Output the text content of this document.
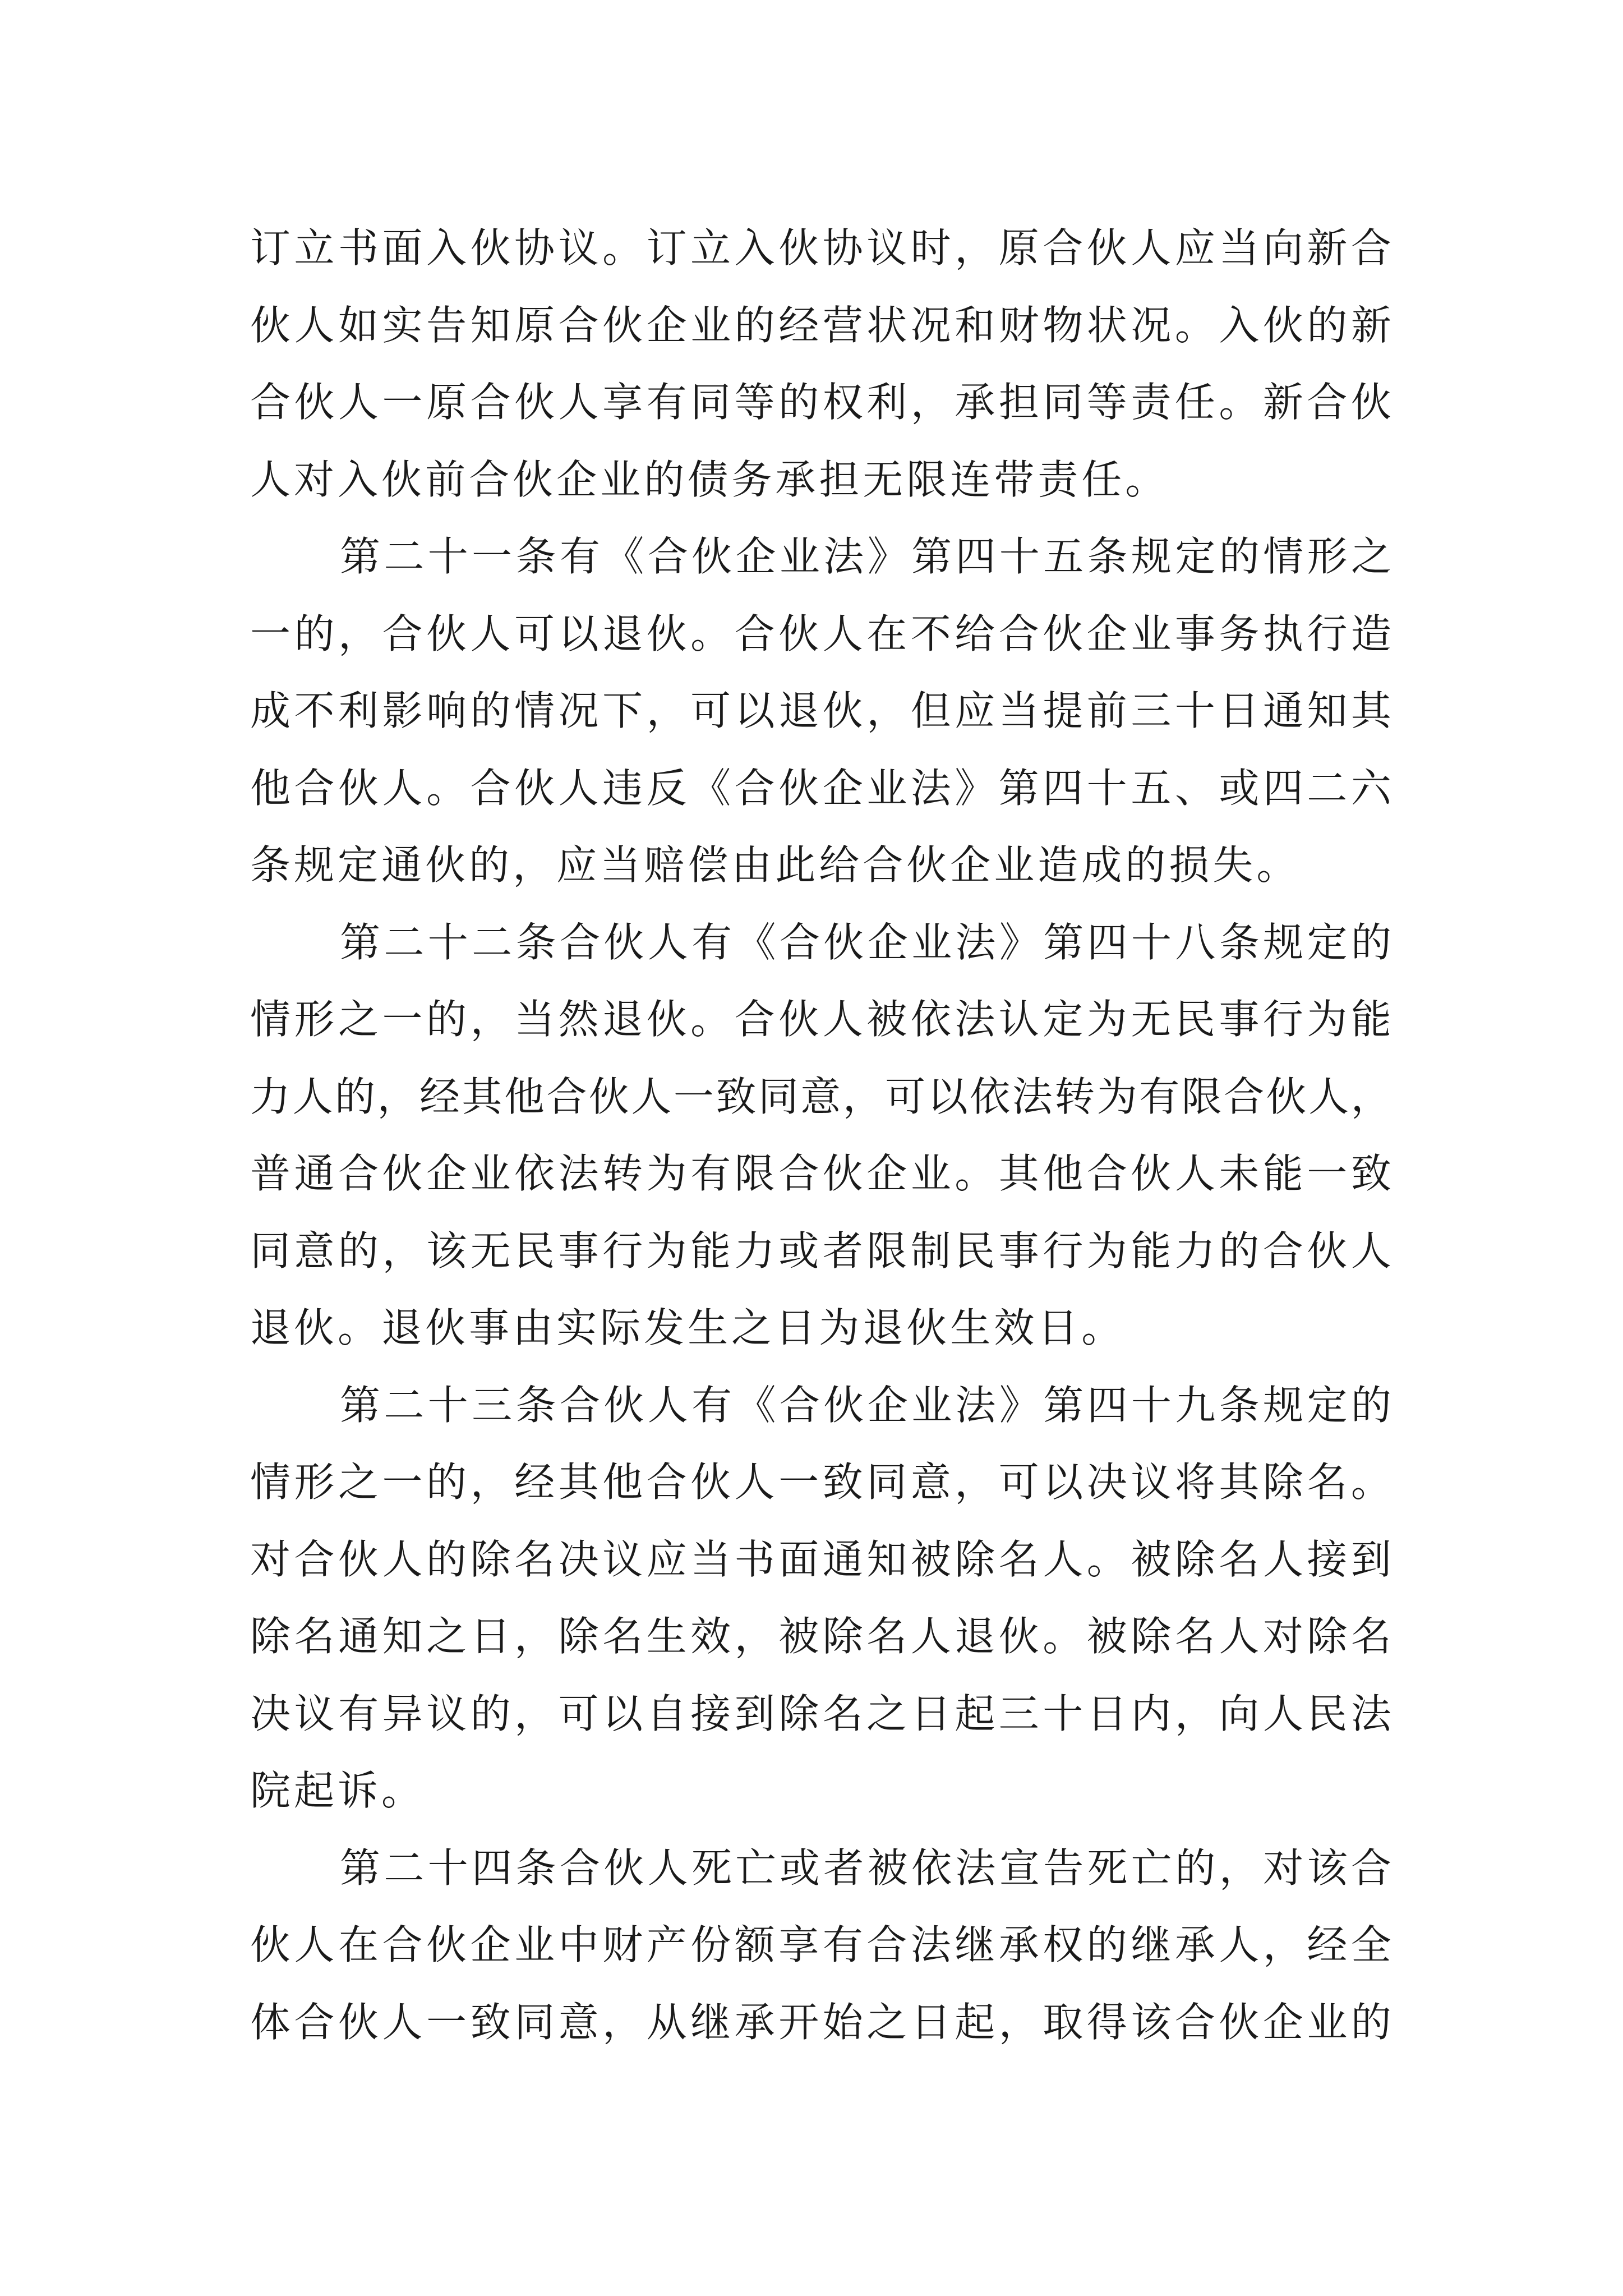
订 立 书 面 入 伙 协 议 。 订 立 入 伙 协 议 时 ， 原 合 伙 人 应 当 向 新 合
伙 人 如 实 告 知 原 合 伙 企 业 的 经 营 状 况 和 财 物 状 况 。 入 伙 的 新
合 伙 人 一 原 合 伙 人 享 有 同 等 的 权 利 ， 承 担 同 等 责 任 。 新 合 伙
人 对 入 伙 前 合 伙 企 业 的 债 务 承 担 无 限 连 带 责 任 。
第 二 十 一 条 有 《 合 伙 企 业 法 》 第 四 十 五 条 规 定 的 情 形 之
一 的 ， 合 伙 人 可 以 退 伙 。 合 伙 人 在 不 给 合 伙 企 业 事 务 执 行 造
成 不 利 影 响 的 情 况 下 ， 可 以 退 伙 ， 但 应 当 提 前 三 十 日 通 知 其
他 合 伙 人 。 合 伙 人 违 反 《 合 伙 企 业 法 》 第 四 十 五 、 或 四 二 六
条 规 定 通 伙 的 ， 应 当 赔 偿 由 此 给 合 伙 企 业 造 成 的 损 失 。
第 二 十 二 条 合 伙 人 有 《 合 伙 企 业 法 》 第 四 十 八 条 规 定 的
情 形 之 一 的 ， 当 然 退 伙 。 合 伙 人 被 依 法 认 定 为 无 民 事 行 为 能
力 人 的 ， 经 其 他 合 伙 人 一 致 同 意 ， 可 以 依 法 转 为 有 限 合 伙 人 ，
普 通 合 伙 企 业 依 法 转 为 有 限 合 伙 企 业 。 其 他 合 伙 人 未 能 一 致
同 意 的 ， 该 无 民 事 行 为 能 力 或 者 限 制 民 事 行 为 能 力 的 合 伙 人
退 伙 。 退 伙 事 由 实 际 发 生 之 日 为 退 伙 生 效 日 。
第 二 十 三 条 合 伙 人 有 《 合 伙 企 业 法 》 第 四 十 九 条 规 定 的
情 形 之 一 的 ， 经 其 他 合 伙 人 一 致 同 意 ， 可 以 决 议 将 其 除 名 。
对 合 伙 人 的 除 名 决 议 应 当 书 面 通 知 被 除 名 人 。 被 除 名 人 接 到
除 名 通 知 之 日 ， 除 名 生 效 ， 被 除 名 人 退 伙 。 被 除 名 人 对 除 名
决 议 有 异 议 的 ， 可 以 自 接 到 除 名 之 日 起 三 十 日 内 ， 向 人 民 法
院 起 诉 。
第 二 十 四 条 合 伙 人 死 亡 或 者 被 依 法 宣 告 死 亡 的 ， 对 该 合
伙 人 在 合 伙 企 业 中 财 产 份 额 享 有 合 法 继 承 权 的 继 承 人 ， 经 全
体 合 伙 人 一 致 同 意 ， 从 继 承 开 始 之 日 起 ， 取 得 该 合 伙 企 业 的
